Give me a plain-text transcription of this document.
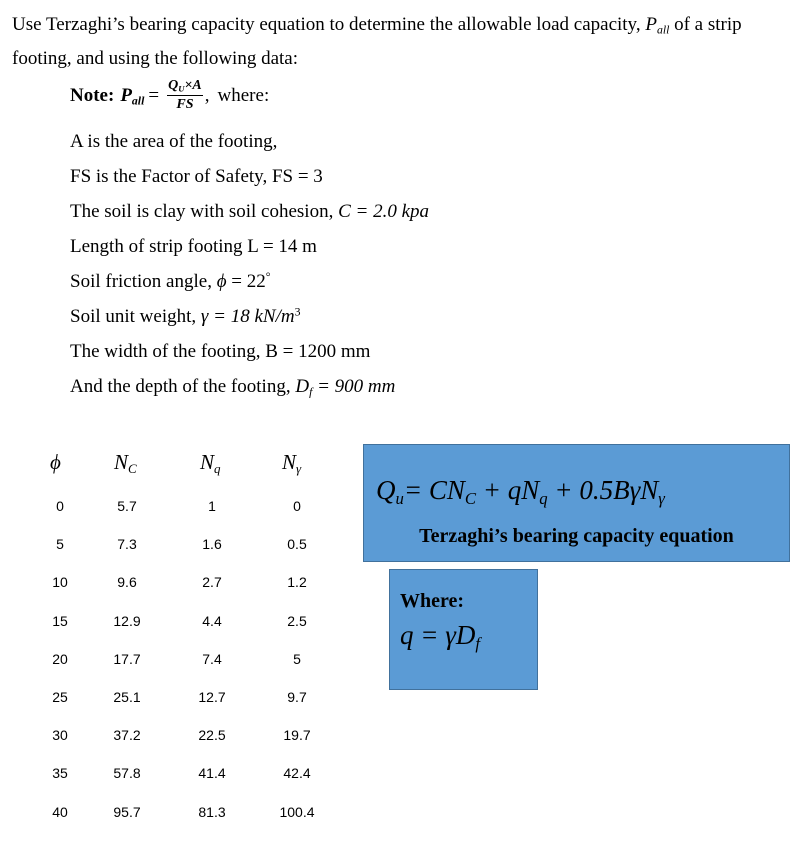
Use Terzaghi’s bearing capacity equation to determine the allowable load capacity, $P_{all}$ of a strip footing, and using the following data:
Note: $P_{all} = \frac{Q_U\times A}{FS}$ , where:
A is the area of the footing,
FS is the Factor of Safety, FS = 3
The soil is clay with soil cohesion, C = 2.0 kpa
Length of strip footing L = 14 m
Soil friction angle, ϕ = 22°
Soil unit weight, γ = 18 $kN/m^3$
The width of the footing, B = 1200 mm
And the depth of the footing, $D_f = 900$ mm
ϕ	$N_C$	$N_q$	$N_\gamma$
0	5.7	1	0
5	7.3	1.6	0.5
10	9.6	2.7	1.2
15	12.9	4.4	2.5
20	17.7	7.4	5
25	25.1	12.7	9.7
30	37.2	22.5	19.7
35	57.8	41.4	42.4
40	95.7	81.3	100.4
$Q_u= CN_C + qN_q + 0.5B\gamma N_\gamma$
Terzaghi’s bearing capacity equation
Where:
$q = \gamma D_f$
